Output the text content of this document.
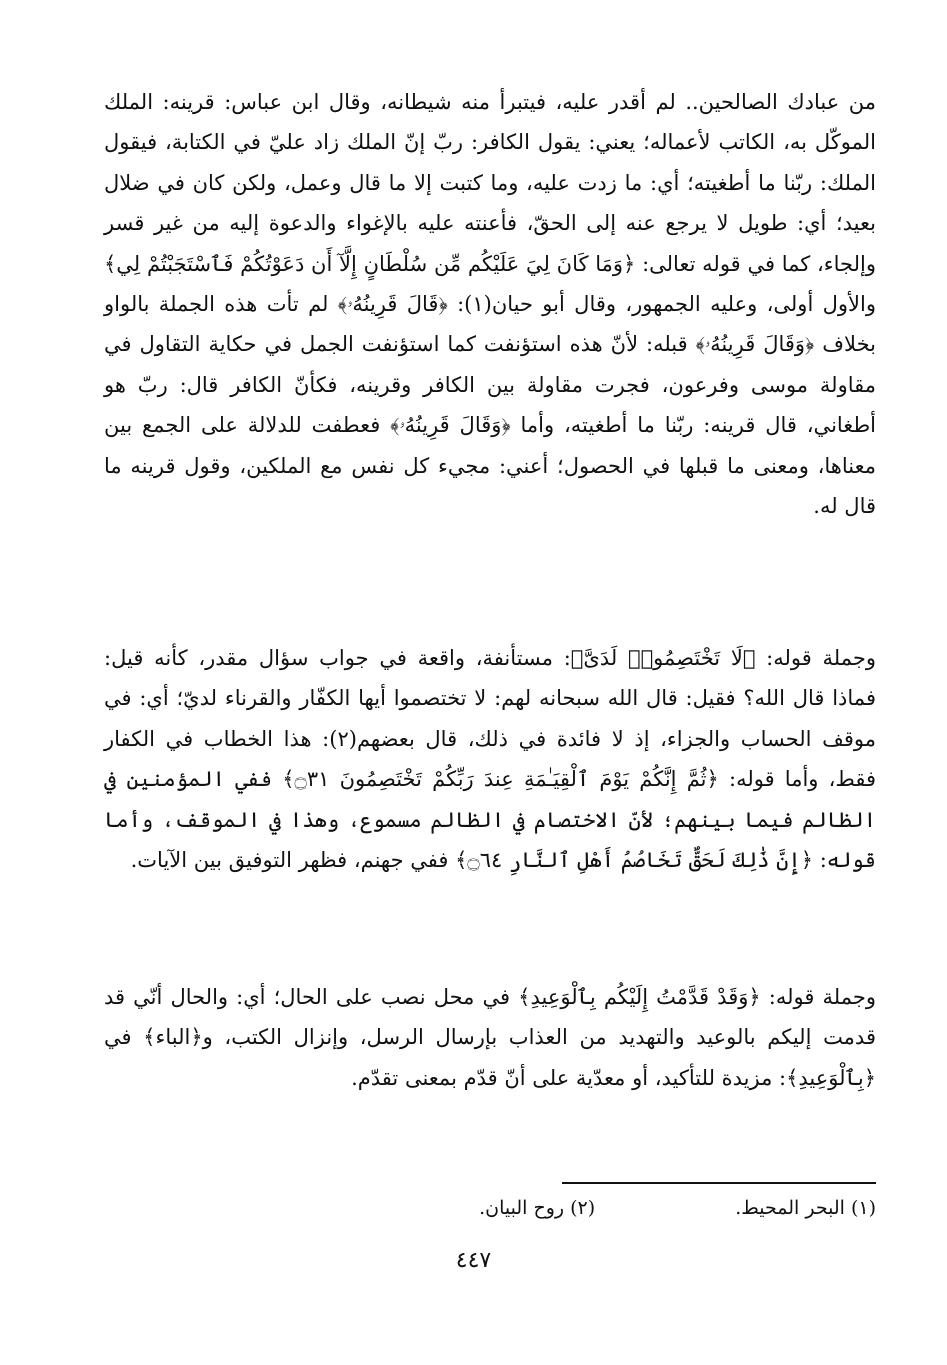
من عبادك الصالحين.. لم أقدر عليه، فيتبرأ منه شيطانه، وقال ابن عباس: قرينه: الملك الموكّل به، الكاتب لأعماله؛ يعني: يقول الكافر: ربّ إنّ الملك زاد عليّ في الكتابة، فيقول الملك: ربّنا ما أطغيته؛ أي: ما زدت عليه، وما كتبت إلا ما قال وعمل، ولكن كان في ضلال بعيد؛ أي: طويل لا يرجع عنه إلى الحقّ، فأعنته عليه بالإغواء والدعوة إليه من غير قسر وإلجاء، كما في قوله تعالى: ﴿وَمَا كَانَ لِيَ عَلَيْكُم مِّن سُلْطَانٍ إِلَّآ أَن دَعَوْتُكُمْ فَٱسْتَجَبْتُمْ لِي﴾ والأول أولى، وعليه الجمهور، وقال أبو حيان(١): ﴿قَالَ قَرِينُهُۥ﴾ لم تأت هذه الجملة بالواو بخلاف ﴿وَقَالَ قَرِينُهُۥ﴾ قبله: لأنّ هذه استؤنفت كما استؤنفت الجمل في حكاية التقاول في مقاولة موسى وفرعون، فجرت مقاولة بين الكافر وقرينه، فكأنّ الكافر قال: ربّ هو أطغاني، قال قرينه: ربّنا ما أطغيته، وأما ﴿وَقَالَ قَرِينُهُۥ﴾ فعطفت للدلالة على الجمع بين معناها، ومعنى ما قبلها في الحصول؛ أعني: مجيء كل نفس مع الملكين، وقول قرينه ما قال له.

وجملة قوله: ﴿لَا تَخْتَصِمُوا۟ لَدَىَّ﴾: مستأنفة، واقعة في جواب سؤال مقدر، كأنه قيل: فماذا قال الله؟ فقيل: قال الله سبحانه لهم: لا تختصموا أيها الكفّار والقرناء لديّ؛ أي: في موقف الحساب والجزاء، إذ لا فائدة في ذلك، قال بعضهم(٢): هذا الخطاب في الكفار فقط، وأما قوله: ﴿ثُمَّ إِنَّكُمْ يَوْمَ ٱلْقِيَـٰمَةِ عِندَ رَبِّكُمْ تَخْتَصِمُونَ ۝٣١﴾ ففي المؤمنين في الظالم فيما بينهم؛ لأنّ الاختصام في الظالم مسموع، وهذا في الموقف، وأما قوله: ﴿إِنَّ ذَٰلِكَ لَحَقٌّ تَخَاصُمُ أَهْلِ ٱلنَّارِ ۝٦٤﴾ ففي جهنم، فظهر التوفيق بين الآيات.

وجملة قوله: ﴿وَقَدْ قَدَّمْتُ إِلَيْكُم بِٱلْوَعِيدِ﴾ في محل نصب على الحال؛ أي: والحال أنّي قد قدمت إليكم بالوعيد والتهديد من العذاب بإرسال الرسل، وإنزال الكتب، و﴿الباء﴾ في ﴿بِٱلْوَعِيدِ﴾: مزيدة للتأكيد، أو معدّية على أنّ قدّم بمعنى تقدّم.

(١) البحر المحيط.
(٢) روح البيان.
٤٤٧
